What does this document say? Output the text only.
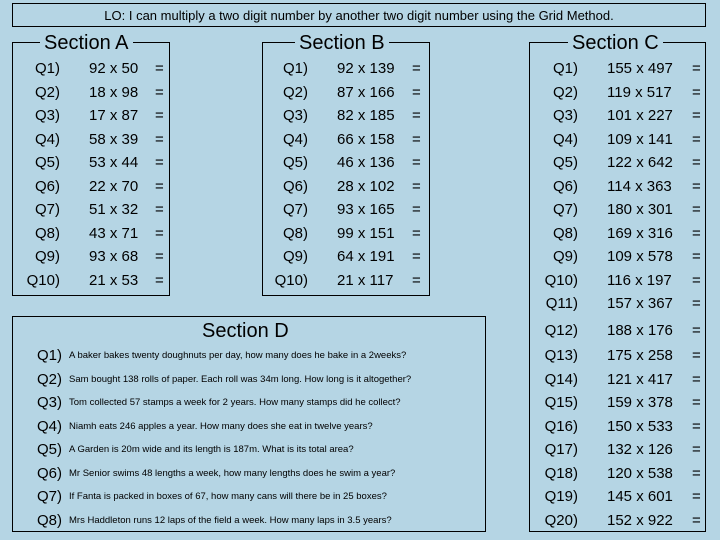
LO: I can multiply a two digit number by another two digit number using the Grid Method.
Section A	Section B	Section C
Section D
Q1) 92 x 50 =
Q2) 18 x 98 =
Q3) 17 x 87 =
Q4) 58 x 39 =
Q5) 53 x 44 =
Q6) 22 x 70 =
Q7) 51 x 32 =
Q8) 43 x 71 =
Q9) 93 x 68 =
Q10) 21 x 53 =
Q1) 92 x 139 =
Q2) 87 x 166 =
Q3) 82 x 185 =
Q4) 66 x 158 =
Q5) 46 x 136 =
Q6) 28 x 102 =
Q7) 93 x 165 =
Q8) 99 x 151 =
Q9) 64 x 191 =
Q10) 21 x 117 =
Q1) 155 x 497 =
Q2) 119 x 517 =
Q3) 101 x 227 =
Q4) 109 x 141 =
Q5) 122 x 642 =
Q6) 114 x 363 =
Q7) 180 x 301 =
Q8) 169 x 316 =
Q9) 109 x 578 =
Q10) 116 x 197 =
Q11) 157 x 367 =
Q12) 188 x 176 =
Q13) 175 x 258 =
Q14) 121 x 417 =
Q15) 159 x 378 =
Q16) 150 x 533 =
Q17) 132 x 126 =
Q18) 120 x 538 =
Q19) 145 x 601 =
Q20) 152 x 922 =
Q1) A baker bakes twenty doughnuts per day, how many does he bake in a 2weeks?
Q2) Sam bought 138 rolls of paper. Each roll was 34m long. How long is it altogether?
Q3) Tom collected 57 stamps a week for 2 years. How many stamps did he collect?
Q4) Niamh eats 246 apples a year. How many does she eat in twelve years?
Q5) A Garden is 20m wide and its length is 187m. What is its total area?
Q6) Mr Senior swims 48 lengths a week, how many lengths does he swim a year?
Q7) If Fanta is packed in boxes of 67, how many cans will there be in 25 boxes?
Q8) Mrs Haddleton runs 12 laps of the field a week. How many laps in 3.5 years?
